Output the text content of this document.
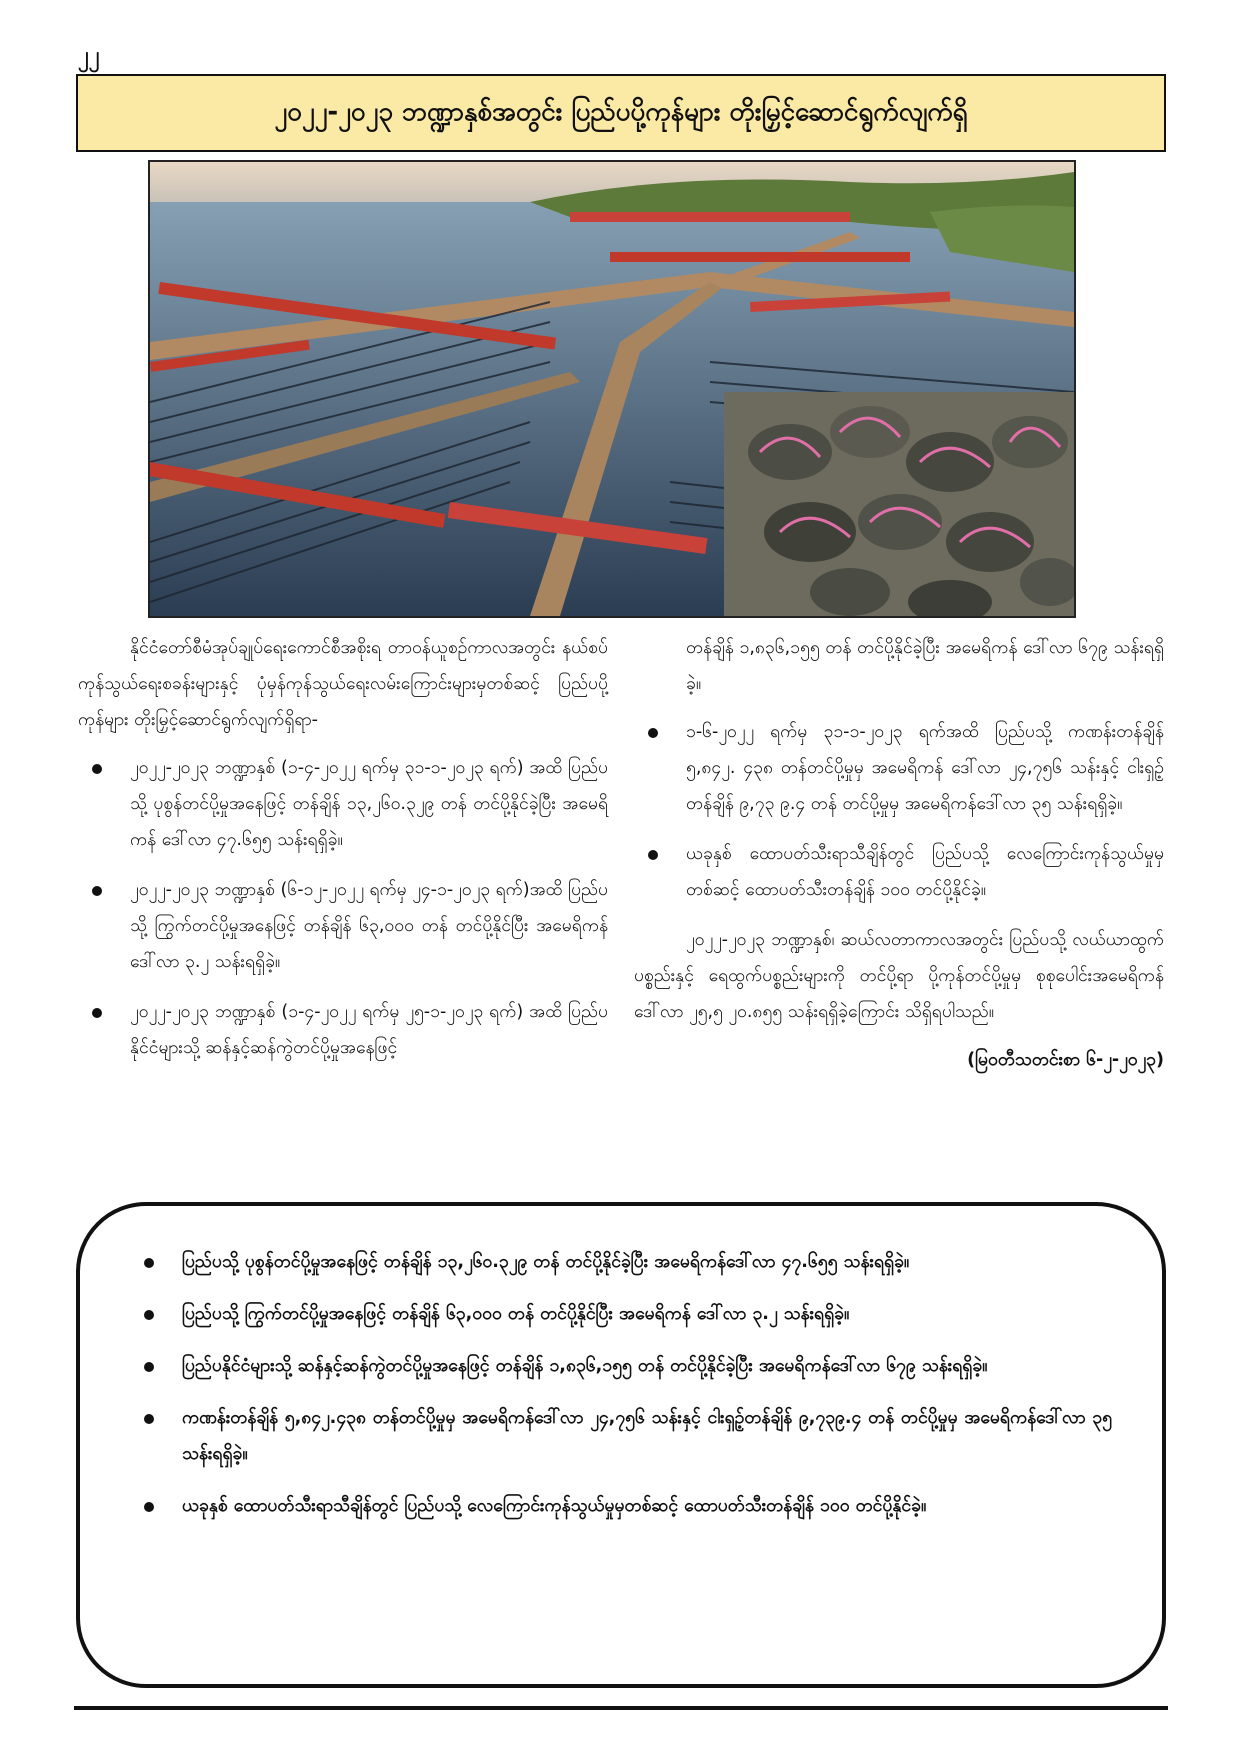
၂၂
၂၀၂၂-၂၀၂၃ ဘဏ္ဍာနှစ်အတွင်း ပြည်ပပို့ကုန်များ တိုးမြှင့်ဆောင်ရွက်လျက်ရှိ

နိုင်ငံတော်စီမံအုပ်ချုပ်ရေးကောင်စီအစိုးရ တာဝန်ယူစဉ်ကာလအတွင်း နယ်စပ်ကုန်သွယ်ရေးစခန်းများနှင့် ပုံမှန်ကုန်သွယ်ရေးလမ်းကြောင်းများမှတစ်ဆင့် ပြည်ပပို့ကုန်များ တိုးမြှင့်ဆောင်ရွက်လျက်ရှိရာ-

၂၀၂၂-၂၀၂၃ ဘဏ္ဍာနှစ် (၁-၄-၂၀၂၂ ရက်မှ ၃၁-၁-၂၀၂၃ ရက်) အထိ ပြည်ပသို့ ပုစွန်တင်ပို့မှုအနေဖြင့် တန်ချိန် ၁၃,၂၆၀.၃၂၉ တန် တင်ပို့နိုင်ခဲ့ပြီး အမေရိကန် ဒေါ်လာ ၄၇.၆၅၅ သန်းရရှိခဲ့။
၂၀၂၂-၂၀၂၃ ဘဏ္ဍာနှစ် (၆-၁၂-၂၀၂၂ ရက်မှ ၂၄-၁-၂၀၂၃ ရက်)အထိ ပြည်ပသို့ ကြွက်တင်ပို့မှုအနေဖြင့် တန်ချိန် ၆၃,၀၀၀ တန် တင်ပို့နိုင်ပြီး အမေရိကန်ဒေါ်လာ ၃.၂ သန်းရရှိခဲ့။
၂၀၂၂-၂၀၂၃ ဘဏ္ဍာနှစ် (၁-၄-၂၀၂၂ ရက်မှ ၂၅-၁-၂၀၂၃ ရက်) အထိ ပြည်ပနိုင်ငံများသို့ ဆန်နှင့်ဆန်ကွဲတင်ပို့မှုအနေဖြင့်

တန်ချိန် ၁,၈၃၆,၁၅၅ တန် တင်ပို့နိုင်ခဲ့ပြီး အမေရိကန် ဒေါ်လာ ၆၇၉ သန်းရရှိခဲ့။

၁-၆-၂၀၂၂ ရက်မှ ၃၁-၁-၂၀၂၃ ရက်အထိ ပြည်ပသို့ ကဏန်းတန်ချိန် ၅,၈၄၂. ၄၃၈ တန်တင်ပို့မှုမှ အမေရိကန် ဒေါ်လာ ၂၄,၇၅၆ သန်းနှင့် ငါးရှဉ့်တန်ချိန် ၉,၇၃ ၉.၄ တန် တင်ပို့မှုမှ အမေရိကန်ဒေါ်လာ ၃၅ သန်းရရှိခဲ့။
ယခုနှစ် ထောပတ်သီးရာသီချိန်တွင် ပြည်ပသို့ လေကြောင်းကုန်သွယ်မှုမှတစ်ဆင့် ထောပတ်သီးတန်ချိန် ၁၀၀ တင်ပို့နိုင်ခဲ့။

၂၀၂၂-၂၀၂၃ ဘဏ္ဍာနှစ်၊ ဆယ်လတာကာလအတွင်း ပြည်ပသို့ လယ်ယာထွက်ပစ္စည်းနှင့် ရေထွက်ပစ္စည်းများကို တင်ပို့ရာ ပို့ကုန်တင်ပို့မှုမှ စုစုပေါင်းအမေရိကန်ဒေါ်လာ ၂၅,၅ ၂၀.၈၅၅ သန်းရရှိခဲ့ကြောင်း သိရှိရပါသည်။

(မြဝတီသတင်းစာ ၆-၂-၂၀၂၃)
ပြည်ပသို့ ပုစွန်တင်ပို့မှုအနေဖြင့် တန်ချိန် ၁၃,၂၆၀.၃၂၉ တန် တင်ပို့နိုင်ခဲ့ပြီး အမေရိကန်ဒေါ်လာ ၄၇.၆၅၅ သန်းရရှိခဲ့။
ပြည်ပသို့ ကြွက်တင်ပို့မှုအနေဖြင့် တန်ချိန် ၆၃,၀၀၀ တန် တင်ပို့နိုင်ပြီး အမေရိကန် ဒေါ်လာ ၃.၂ သန်းရရှိခဲ့။
ပြည်ပနိုင်ငံများသို့ ဆန်နှင့်ဆန်ကွဲတင်ပို့မှုအနေဖြင့် တန်ချိန် ၁,၈၃၆,၁၅၅ တန် တင်ပို့နိုင်ခဲ့ပြီး အမေရိကန်ဒေါ်လာ ၆၇၉ သန်းရရှိခဲ့။
ကဏန်းတန်ချိန် ၅,၈၄၂.၄၃၈ တန်တင်ပို့မှုမှ အမေရိကန်ဒေါ်လာ ၂၄,၇၅၆ သန်းနှင့် ငါးရှဉ့်တန်ချိန် ၉,၇၃၉.၄ တန် တင်ပို့မှုမှ အမေရိကန်ဒေါ်လာ ၃၅ သန်းရရှိခဲ့။
ယခုနှစ် ထောပတ်သီးရာသီချိန်တွင် ပြည်ပသို့ လေကြောင်းကုန်သွယ်မှုမှတစ်ဆင့် ထောပတ်သီးတန်ချိန် ၁၀၀ တင်ပို့နိုင်ခဲ့။
